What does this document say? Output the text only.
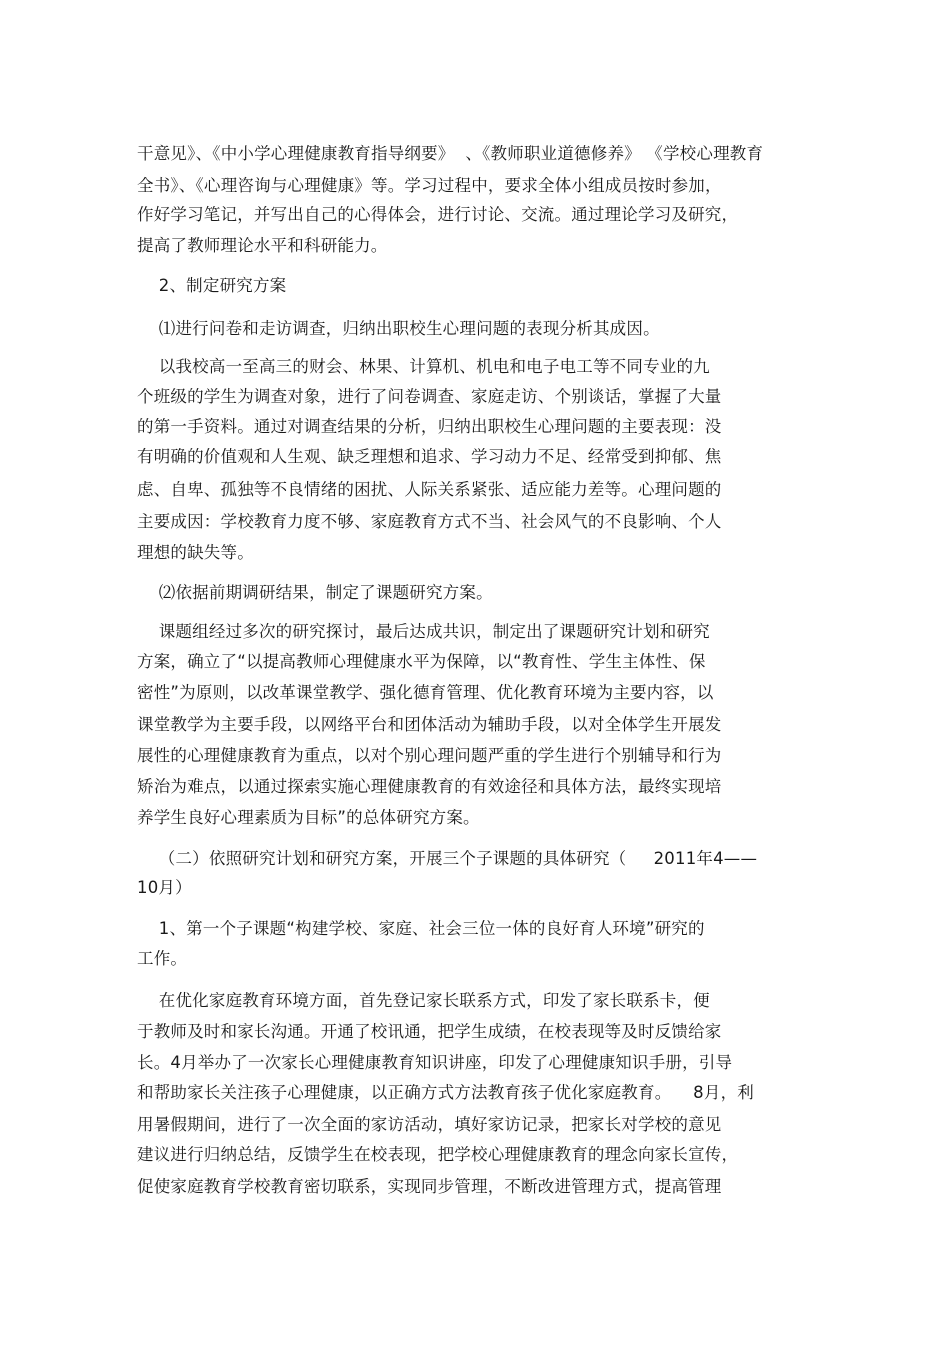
干意见》、《中小学心理健康教育指导纲要》  、《教师职业道德修养》 《学校心理教育
全书》、《心理咨询与心理健康》等。学习过程中，要求全体小组成员按时参加，
作好学习笔记，并写出自己的心得体会，进行讨论、交流。通过理论学习及研究，
提高了教师理论水平和科研能力。
2、制定研究方案
⑴进行问卷和走访调查，归纳出职校生心理问题的表现分析其成因。
以我校高一至高三的财会、林果、计算机、机电和电子电工等不同专业的九
个班级的学生为调查对象，进行了问卷调查、家庭走访、个别谈话，掌握了大量
的第一手资料。通过对调查结果的分析，归纳出职校生心理问题的主要表现：没
有明确的价值观和人生观、缺乏理想和追求、学习动力不足、经常受到抑郁、焦
虑、自卑、孤独等不良情绪的困扰、人际关系紧张、适应能力差等。心理问题的
主要成因：学校教育力度不够、家庭教育方式不当、社会风气的不良影响、个人
理想的缺失等。
⑵依据前期调研结果，制定了课题研究方案。
课题组经过多次的研究探讨，最后达成共识，制定出了课题研究计划和研究
方案，确立了“以提高教师心理健康水平为保障，以“教育性、学生主体性、保
密性”为原则，以改革课堂教学、强化德育管理、优化教育环境为主要内容，以
课堂教学为主要手段，以网络平台和团体活动为辅助手段，以对全体学生开展发
展性的心理健康教育为重点，以对个别心理问题严重的学生进行个别辅导和行为
矫治为难点，以通过探索实施心理健康教育的有效途径和具体方法，最终实现培
养学生良好心理素质为目标”的总体研究方案。
（二）依照研究计划和研究方案，开展三个子课题的具体研究（     2011年4——
10月）
1、第一个子课题“构建学校、家庭、社会三位一体的良好育人环境”研究的
工作。
在优化家庭教育环境方面，首先登记家长联系方式，印发了家长联系卡，便
于教师及时和家长沟通。开通了校讯通，把学生成绩，在校表现等及时反馈给家
长。4月举办了一次家长心理健康教育知识讲座，印发了心理健康知识手册，引导
和帮助家长关注孩子心理健康，以正确方式方法教育孩子优化家庭教育。    8月，利
用暑假期间，进行了一次全面的家访活动，填好家访记录，把家长对学校的意见
建议进行归纳总结，反馈学生在校表现，把学校心理健康教育的理念向家长宣传，
促使家庭教育学校教育密切联系，实现同步管理，不断改进管理方式，提高管理
